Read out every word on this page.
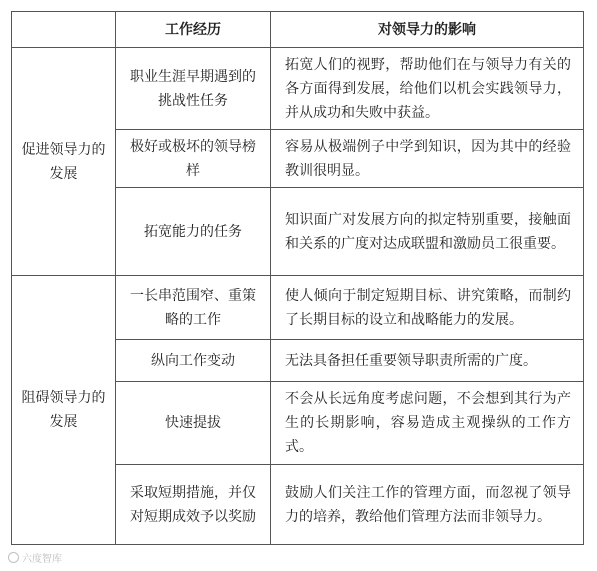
	工作经历	对领导力的影响
促进领导力的发展	职业生涯早期遇到的挑战性任务	拓宽人们的视野，帮助他们在与领导力有关的各方面得到发展，给他们以机会实践领导力，并从成功和失败中获益。
	极好或极坏的领导榜样	容易从极端例子中学到知识，因为其中的经验教训很明显。
	拓宽能力的任务	知识面广对发展方向的拟定特别重要，接触面和关系的广度对达成联盟和激励员工很重要。
阻碍领导力的发展	一长串范围窄、重策略的工作	使人倾向于制定短期目标、讲究策略，而制约了长期目标的设立和战略能力的发展。
	纵向工作变动	无法具备担任重要领导职责所需的广度。
	快速提拔	不会从长远角度考虑问题，不会想到其行为产生的长期影响，容易造成主观操纵的工作方式。
	采取短期措施，并仅对短期成效予以奖励	鼓励人们关注工作的管理方面，而忽视了领导力的培养，教给他们管理方法而非领导力。
六度智库
